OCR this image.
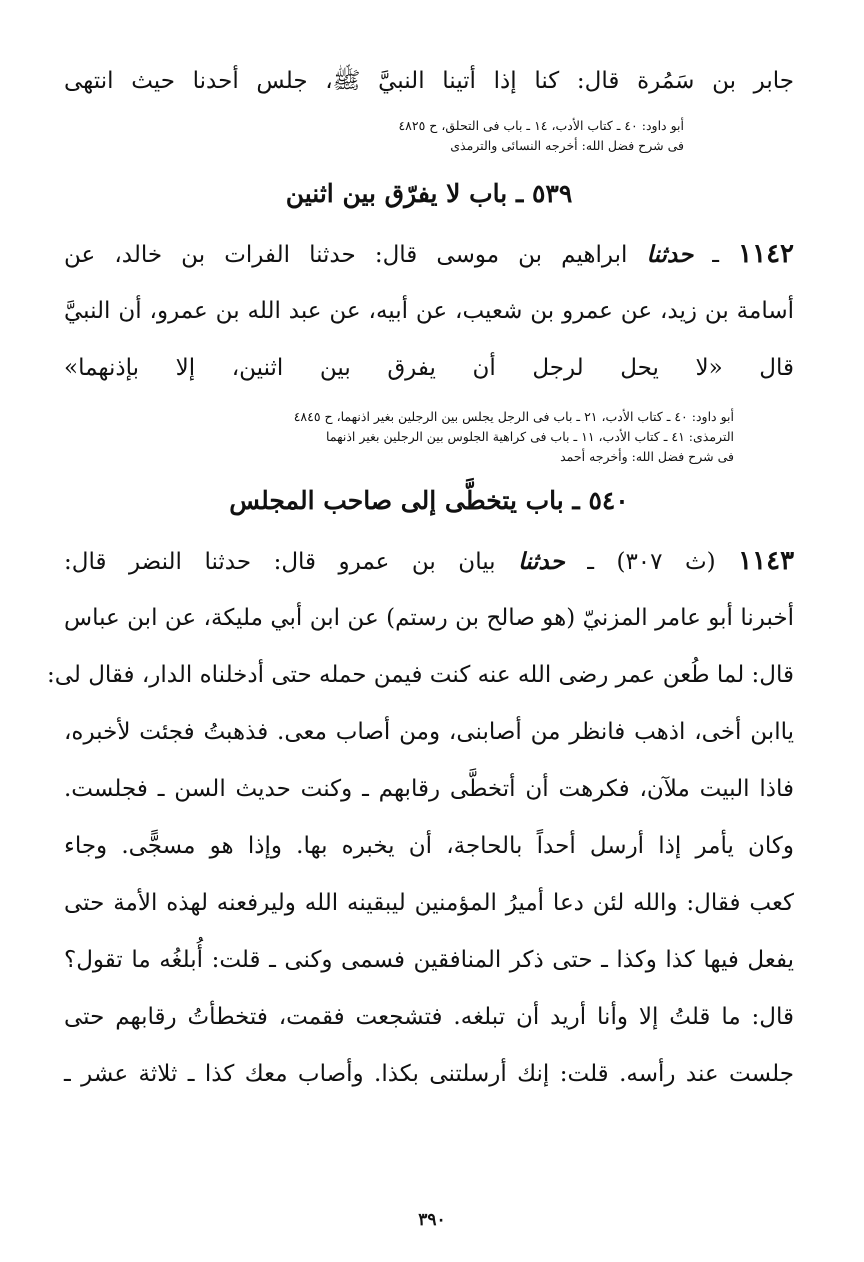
جابر بن سَمُرة قال: كنا إذا أتينا النبيَّ ﷺ، جلس أحدنا حيث انتهى
أبو داود: ٤٠ ـ كتاب الأدب، ١٤ ـ باب فى التحلق، ح ٤٨٢٥
فى شرح فضل الله: أخرجه النسائى والترمذى
٥٣٩ ـ باب لا يفرّق بين اثنين
١١٤٢ ـ حدثنا ابراهيم بن موسى قال: حدثنا الفرات بن خالد، عن
أسامة بن زيد، عن عمرو بن شعيب، عن أبيه، عن عبد الله بن عمرو، أن النبيَّ
قال «لا يحل لرجل أن يفرق بين اثنين، إلا بإذنهما»
أبو داود: ٤٠ ـ كتاب الأدب، ٢١ ـ باب فى الرجل يجلس بين الرجلين بغير اذنهما، ح ٤٨٤٥
الترمذى: ٤١ ـ كتاب الأدب، ١١ ـ باب فى كراهية الجلوس بين الرجلين بغير اذنهما
فى شرح فضل الله: وأخرجه أحمد
٥٤٠ ـ باب يتخطَّى إلى صاحب المجلس
١١٤٣ (ث ٣٠٧) ـ حدثنا بيان بن عمرو قال: حدثنا النضر قال:
أخبرنا أبو عامر المزنيّ (هو صالح بن رستم) عن ابن أبي مليكة، عن ابن عباس
قال: لما طُعن عمر رضى الله عنه كنت فيمن حمله حتى أدخلناه الدار، فقال لى:
ياابن أخى، اذهب فانظر من أصابنى، ومن أصاب معى. فذهبتُ فجئت لأخبره،
فاذا البيت ملآن، فكرهت أن أتخطَّى رقابهم ـ وكنت حديث السن ـ فجلست.
وكان يأمر إذا أرسل أحداً بالحاجة، أن يخبره بها. وإذا هو مسجًّى. وجاء
كعب فقال: والله لئن دعا أميرُ المؤمنين ليبقينه الله وليرفعنه لهذه الأمة حتى
يفعل فيها كذا وكذا ـ حتى ذكر المنافقين فسمى وكنى ـ قلت: أُبلغُه ما تقول؟
قال: ما قلتُ إلا وأنا أريد أن تبلغه. فتشجعت فقمت، فتخطأتُ رقابهم حتى
جلست عند رأسه. قلت: إنك أرسلتنى بكذا. وأصاب معك كذا ـ ثلاثة عشر ـ
٣٩٠
